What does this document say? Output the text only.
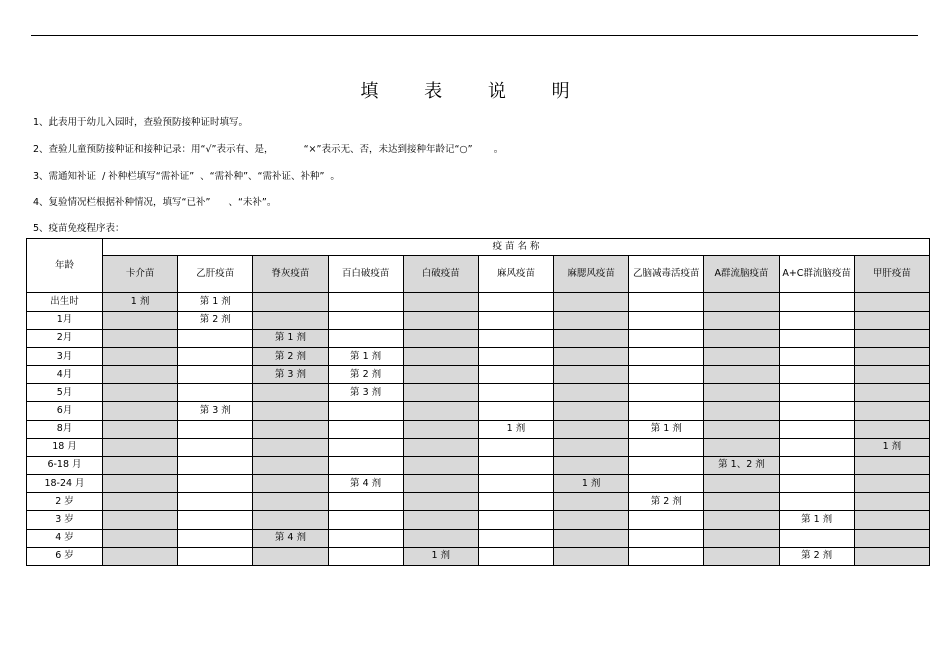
填 表 说 明
1、此表用于幼儿入园时，查验预防接种证时填写。
2、查验儿童预防接种证和接种记录：用“√”表示有、是，          “×”表示无、否，未达到接种年龄记“○”       。
3、需通知补证  / 补种栏填写“需补证”  、“需补种”、“需补证、补种”  。
4、复验情况栏根据补种情况，填写“已补”      、“未补”。
5、疫苗免疫程序表：
年龄	疫 苗 名 称										
	卡介苗	乙肝疫苗	脊灰疫苗	百白破疫苗	白破疫苗	麻风疫苗	麻腮风疫苗	乙脑减毒活疫苗	A群流脑疫苗	A+C群流脑疫苗	甲肝疫苗
出生时	1 剂	第 1 剂									
1月		第 2 剂									
2月			第 1 剂								
3月			第 2 剂	第 1 剂							
4月			第 3 剂	第 2 剂							
5月				第 3 剂							
6月		第 3 剂									
8月						1 剂		第 1 剂			
18 月											1 剂
6-18 月									第 1、2 剂		
18-24 月				第 4 剂			1 剂				
2 岁								第 2 剂			
3 岁										第 1 剂	
4 岁			第 4 剂								
6 岁					1 剂					第 2 剂	
